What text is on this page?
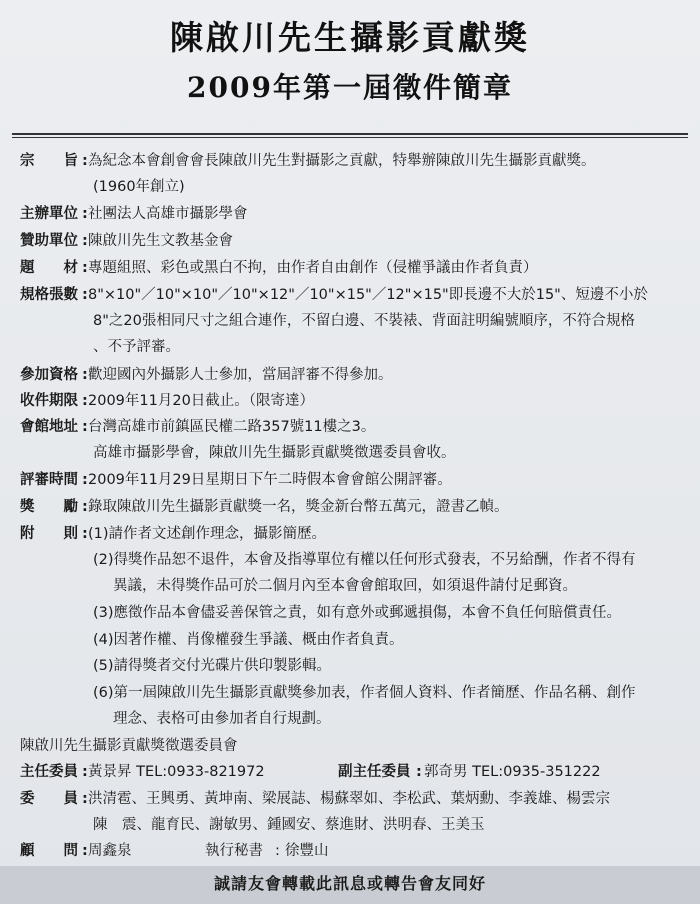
陳啟川先生攝影貢獻獎
2009年第一屆徵件簡章
宗　　旨 : 為紀念本會創會會長陳啟川先生對攝影之貢獻，特舉辦陳啟川先生攝影貢獻獎。
(1960年創立)
主辦單位 : 社團法人高雄市攝影學會
贊助單位 : 陳啟川先生文教基金會
題　　材 : 專題組照、彩色或黑白不拘，由作者自由創作（侵權爭議由作者負責）
規格張數 : 8"×10"／10"×10"／10"×12"／10"×15"／12"×15"即長邊不大於15"、短邊不小於
8"之20張相同尺寸之組合連作，不留白邊、不裝裱、背面註明編號順序，不符合規格
、不予評審。
參加資格 : 歡迎國內外攝影人士參加，當屆評審不得參加。
收件期限 : 2009年11月20日截止。（限寄達）
會館地址 : 台灣高雄市前鎮區民權二路357號11樓之3。
高雄市攝影學會，陳啟川先生攝影貢獻獎徵選委員會收。
評審時間 : 2009年11月29日星期日下午二時假本會會館公開評審。
獎　　勵 : 錄取陳啟川先生攝影貢獻獎一名，獎金新台幣五萬元，證書乙幀。
附　　則 : (1)請作者文述創作理念，攝影簡歷。
(2)得獎作品恕不退件，本會及指導單位有權以任何形式發表，不另給酬，作者不得有
異議，未得獎作品可於二個月內至本會會館取回，如須退件請付足郵資。
(3)應徵作品本會儘妥善保管之責，如有意外或郵遞損傷，本會不負任何賠償責任。
(4)因著作權、肖像權發生爭議、概由作者負責。
(5)請得獎者交付光碟片供印製影輯。
(6)第一屆陳啟川先生攝影貢獻獎參加表，作者個人資料、作者簡歷、作品名稱、創作
理念、表格可由參加者自行規劃。
陳啟川先生攝影貢獻獎徵選委員會
主任委員 : 黃景昇 TEL:0933-821972	副主任委員 : 郭奇男 TEL:0935-351222
委　　員 : 洪清雹、王興勇、黃坤南、梁展誌、楊蘇翠如、李松武、葉炳勳、李義雄、楊雲宗
陳　震、龍育民、謝敏男、鍾國安、蔡進財、洪明春、王美玉
顧　　問 : 周鑫泉	執行秘書 : 徐豐山
誠請友會轉載此訊息或轉告會友同好
